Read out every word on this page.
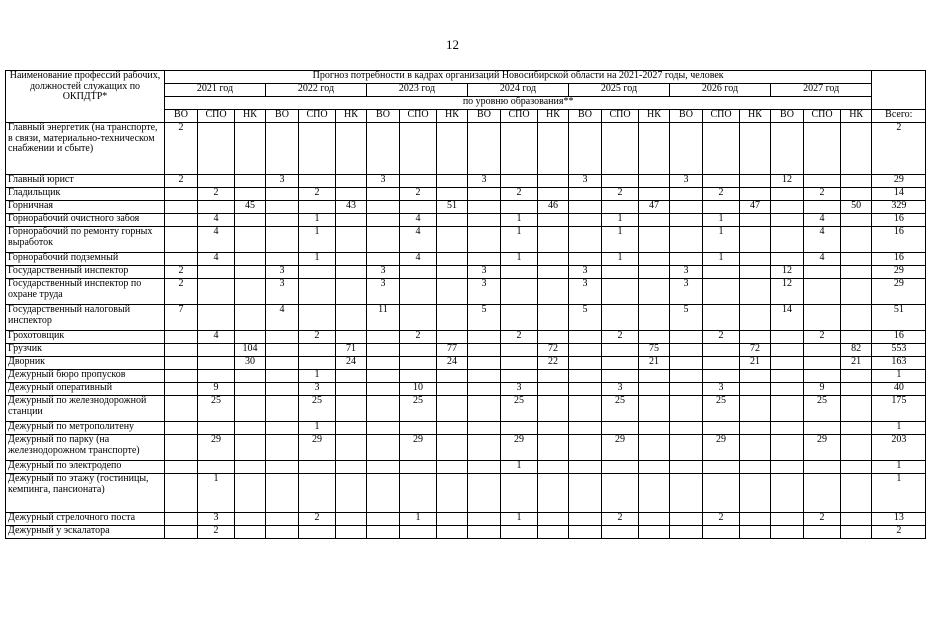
12
Наименование профессий рабочих, должностей служащих по ОКПДТР*	Прогноз потребности в кадрах организаций Новосибирской области на 2021-2027 годы, человек																					
	2021 год			2022 год			2023 год			2024 год			2025 год			2026 год			2027 год			
	по уровню образования**																					
	ВО	СПО	НК	ВО	СПО	НК	ВО	СПО	НК	ВО	СПО	НК	ВО	СПО	НК	ВО	СПО	НК	ВО	СПО	НК	Всего:
Главный энергетик (на транспорте, в связи, материально-техническом снабжении и сбыте)	2																					2
Главный юрист	2			3			3			3			3			3			12			29
Гладильщик		2			2			2			2			2			2			2		14
Горничная			45			43			51			46			47			47			50	329
Горнорабочий очистного забоя		4			1			4			1			1			1			4		16
Горнорабочий по ремонту горных выработок		4			1			4			1			1			1			4		16
Горнорабочий подземный		4			1			4			1			1			1			4		16
Государственный инспектор	2			3			3			3			3			3			12			29
Государственный инспектор по охране труда	2			3			3			3			3			3			12			29
Государственный налоговый инспектор	7			4			11			5			5			5			14			51
Грохотовщик		4			2			2			2			2			2			2		16
Грузчик			104			71			77			72			75			72			82	553
Дворник			30			24			24			22			21			21			21	163
Дежурный бюро пропусков					1																	1
Дежурный оперативный		9			3			10			3			3			3			9		40
Дежурный по железнодорожной станции		25			25			25			25			25			25			25		175
Дежурный по метрополитену					1																	1
Дежурный по парку (на железнодорожном транспорте)		29			29			29			29			29			29			29		203
Дежурный по электродепо											1											1
Дежурный по этажу (гостиницы, кемпинга, пансионата)		1																				1
Дежурный стрелочного поста		3			2			1			1			2			2			2		13
Дежурный у эскалатора		2																				2
